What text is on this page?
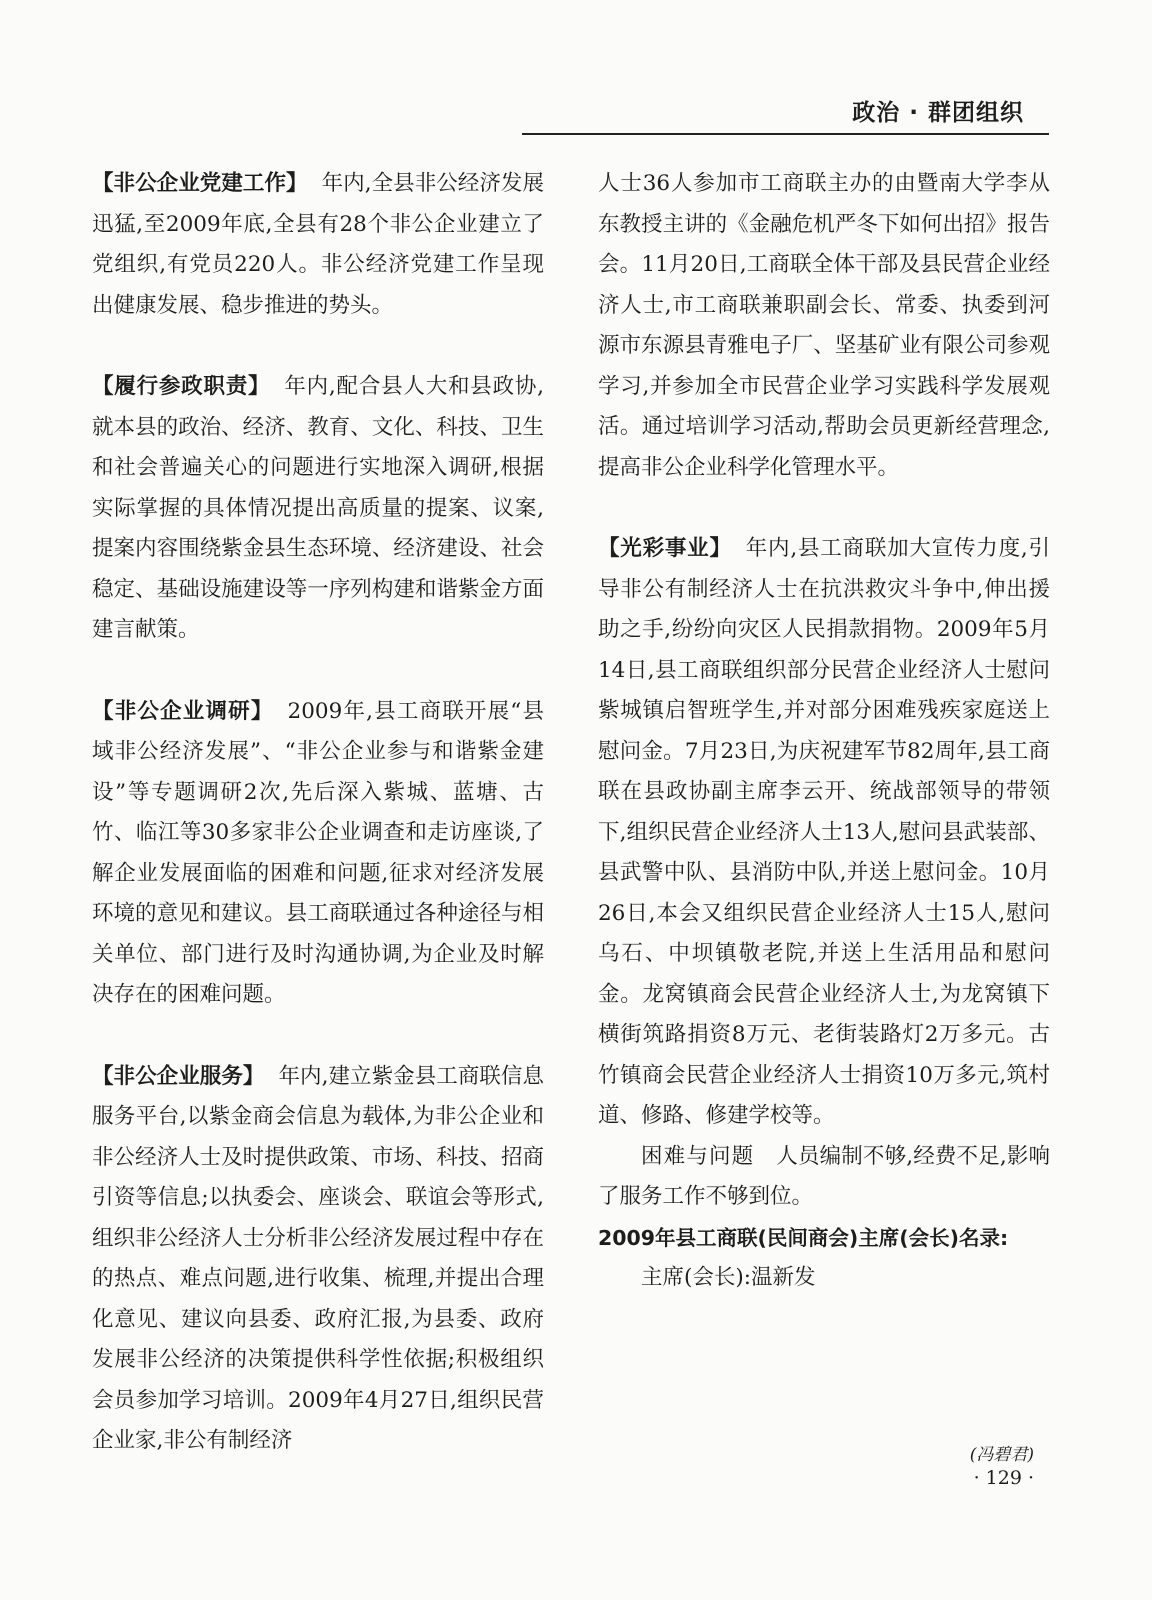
政治 · 群团组织

【非公企业党建工作】 年内,全县非公经济发展迅猛,至2009年底,全县有28个非公企业建立了党组织,有党员220人。非公经济党建工作呈现出健康发展、稳步推进的势头。

【履行参政职责】 年内,配合县人大和县政协,就本县的政治、经济、教育、文化、科技、卫生和社会普遍关心的问题进行实地深入调研,根据实际掌握的具体情况提出高质量的提案、议案,提案内容围绕紫金县生态环境、经济建设、社会稳定、基础设施建设等一序列构建和谐紫金方面建言献策。

【非公企业调研】 2009年,县工商联开展“县域非公经济发展”、“非公企业参与和谐紫金建设”等专题调研2次,先后深入紫城、蓝塘、古竹、临江等30多家非公企业调查和走访座谈,了解企业发展面临的困难和问题,征求对经济发展环境的意见和建议。县工商联通过各种途径与相关单位、部门进行及时沟通协调,为企业及时解决存在的困难问题。

【非公企业服务】 年内,建立紫金县工商联信息服务平台,以紫金商会信息为载体,为非公企业和非公经济人士及时提供政策、市场、科技、招商引资等信息;以执委会、座谈会、联谊会等形式,组织非公经济人士分析非公经济发展过程中存在的热点、难点问题,进行收集、梳理,并提出合理化意见、建议向县委、政府汇报,为县委、政府发展非公经济的决策提供科学性依据;积极组织会员参加学习培训。2009年4月27日,组织民营企业家,非公有制经济

人士36人参加市工商联主办的由暨南大学李从东教授主讲的《金融危机严冬下如何出招》报告会。11月20日,工商联全体干部及县民营企业经济人士,市工商联兼职副会长、常委、执委到河源市东源县青雅电子厂、坚基矿业有限公司参观学习,并参加全市民营企业学习实践科学发展观活。通过培训学习活动,帮助会员更新经营理念,提高非公企业科学化管理水平。

【光彩事业】 年内,县工商联加大宣传力度,引导非公有制经济人士在抗洪救灾斗争中,伸出援助之手,纷纷向灾区人民捐款捐物。2009年5月14日,县工商联组织部分民营企业经济人士慰问紫城镇启智班学生,并对部分困难残疾家庭送上慰问金。7月23日,为庆祝建军节82周年,县工商联在县政协副主席李云开、统战部领导的带领下,组织民营企业经济人士13人,慰问县武装部、县武警中队、县消防中队,并送上慰问金。10月26日,本会又组织民营企业经济人士15人,慰问乌石、中坝镇敬老院,并送上生活用品和慰问金。龙窝镇商会民营企业经济人士,为龙窝镇下横街筑路捐资8万元、老街装路灯2万多元。古竹镇商会民营企业经济人士捐资10万多元,筑村道、修路、修建学校等。

困难与问题 人员编制不够,经费不足,影响了服务工作不够到位。

2009年县工商联(民间商会)主席(会长)名录:

主席(会长):温新发

(冯碧君)
· 129 ·
